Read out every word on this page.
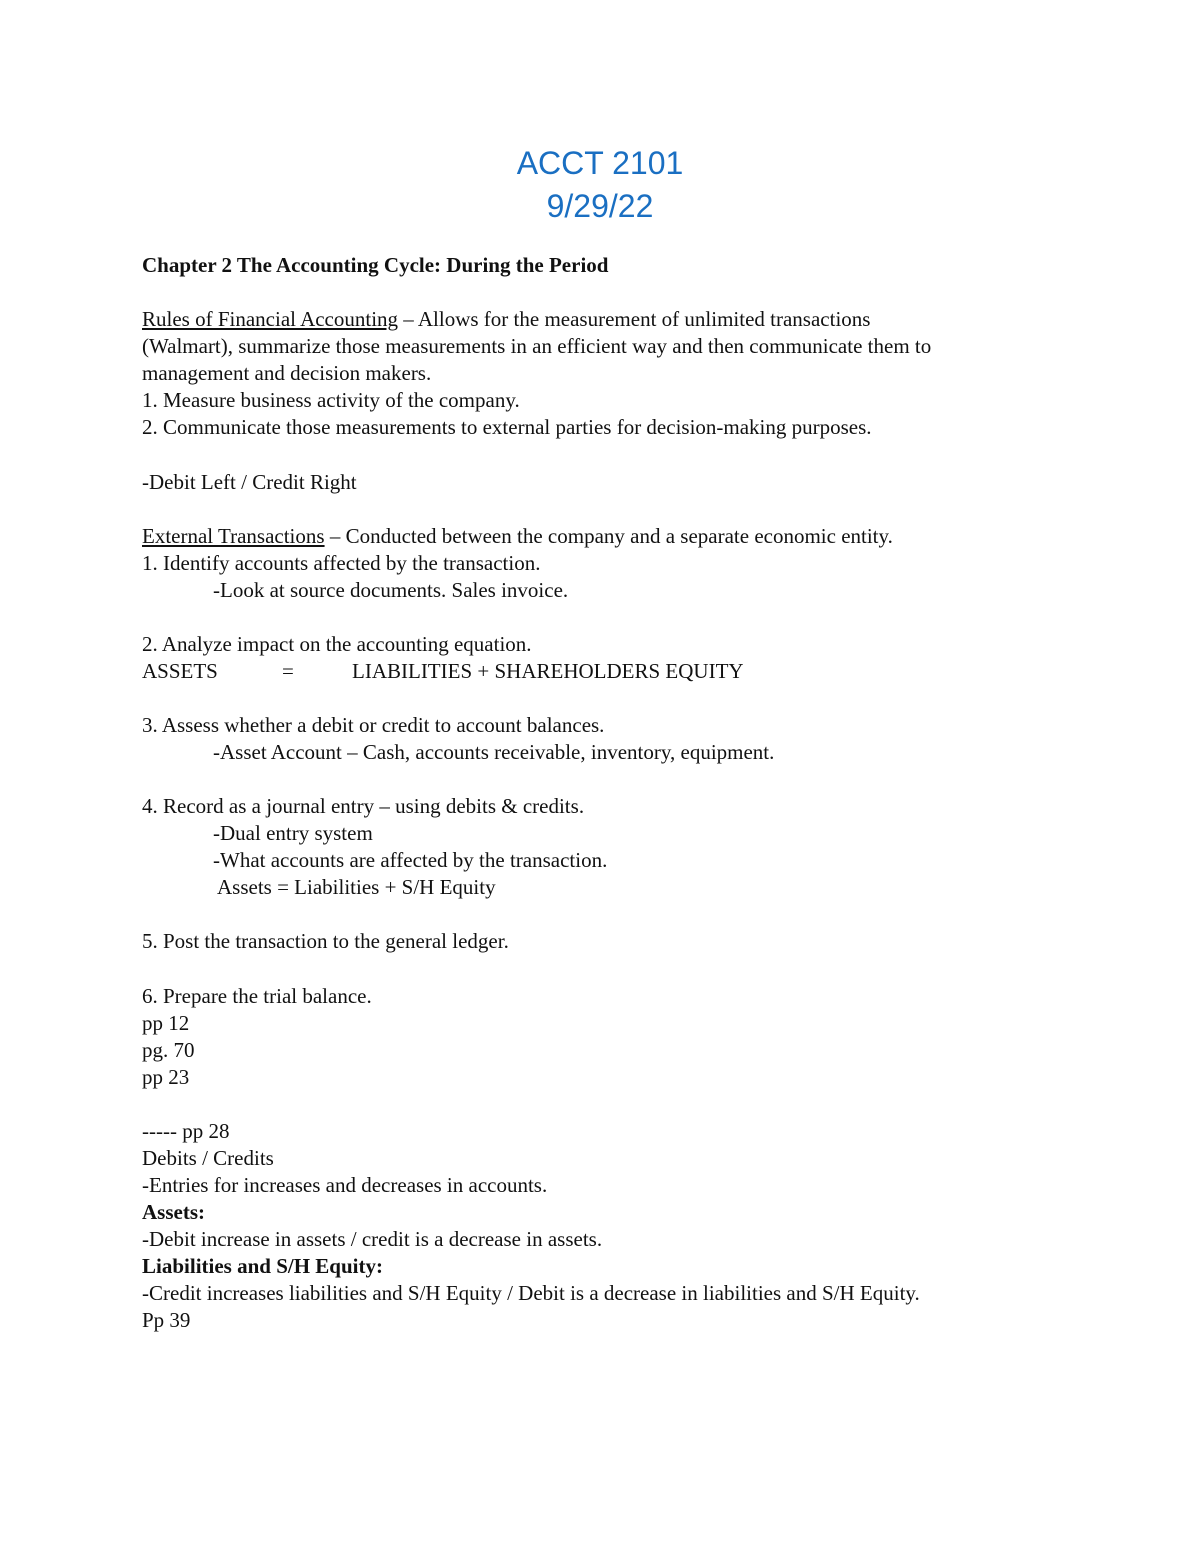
ACCT 2101
9/29/22
Chapter 2 The Accounting Cycle: During the Period
Rules of Financial Accounting – Allows for the measurement of unlimited transactions
(Walmart), summarize those measurements in an efficient way and then communicate them to
management and decision makers.
1. Measure business activity of the company.
2. Communicate those measurements to external parties for decision-making purposes.
-Debit Left / Credit Right
External Transactions – Conducted between the company and a separate economic entity.
1. Identify accounts affected by the transaction.
-Look at source documents. Sales invoice.
2. Analyze impact on the accounting equation.
ASSETS	=	LIABILITIES + SHAREHOLDERS EQUITY
3. Assess whether a debit or credit to account balances.
-Asset Account – Cash, accounts receivable, inventory, equipment.
4. Record as a journal entry – using debits & credits.
-Dual entry system
-What accounts are affected by the transaction.
Assets = Liabilities + S/H Equity
5. Post the transaction to the general ledger.
6. Prepare the trial balance.
pp 12
pg. 70
pp 23
----- pp 28
Debits / Credits
-Entries for increases and decreases in accounts.
Assets:
-Debit increase in assets / credit is a decrease in assets.
Liabilities and S/H Equity:
-Credit increases liabilities and S/H Equity / Debit is a decrease in liabilities and S/H Equity.
Pp 39
